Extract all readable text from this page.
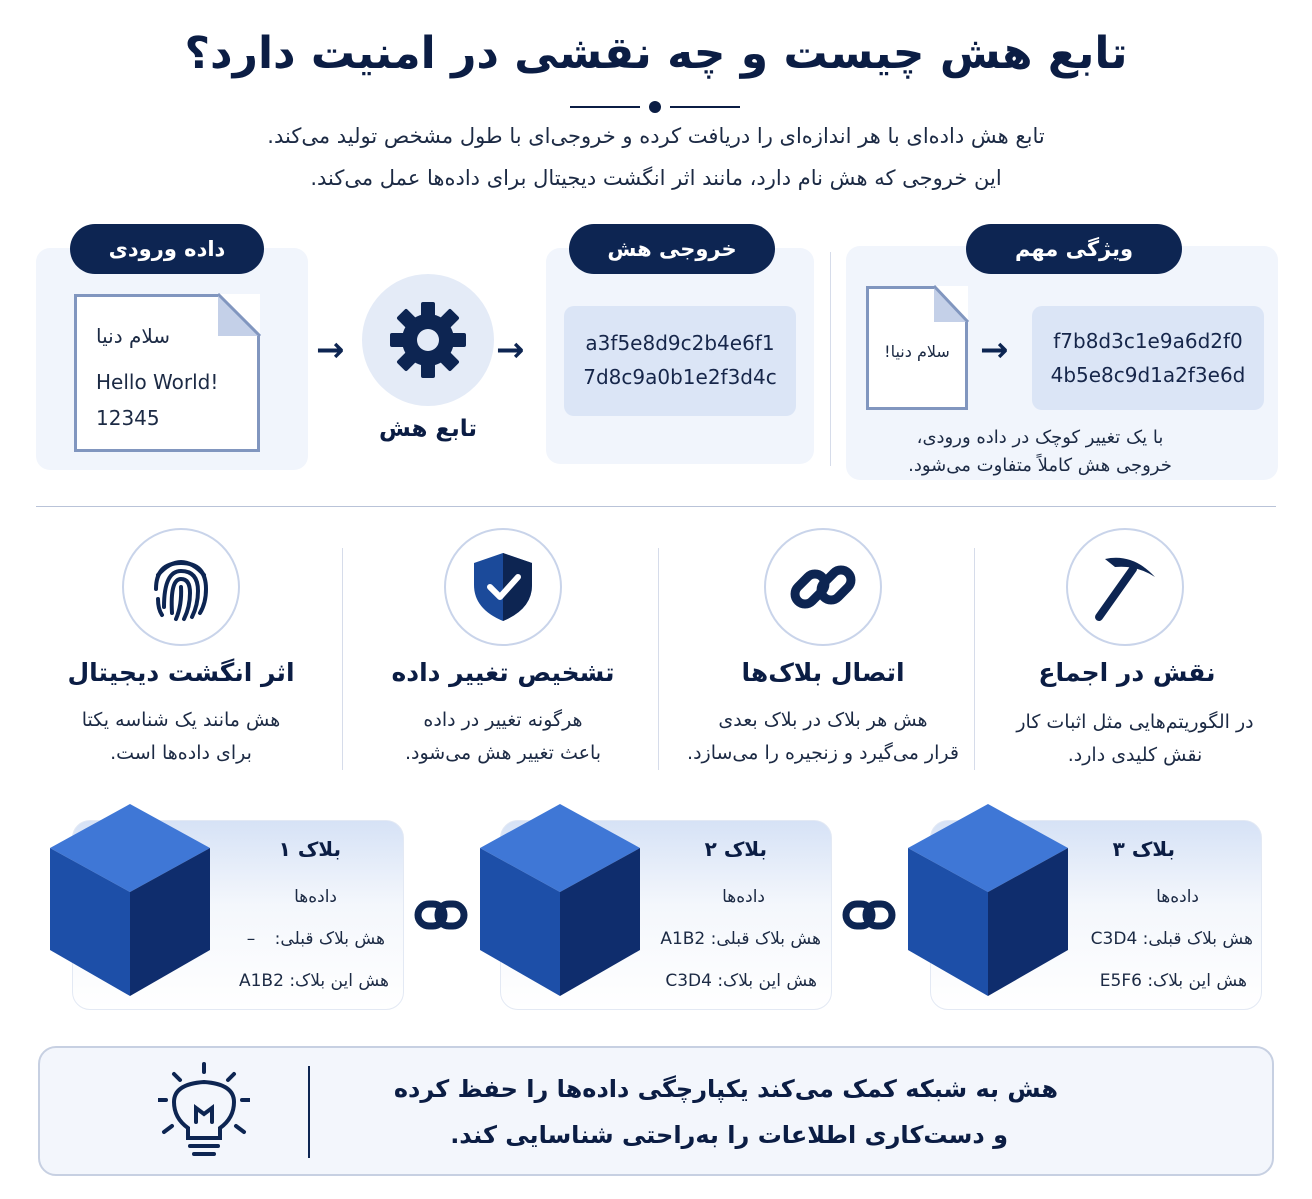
تابع هش چیست و چه نقشی در امنیت دارد؟
تابع هش داده‌ای با هر اندازه‌ای را دریافت کرده و خروجی‌ای با طول مشخص تولید می‌کند.
این خروجی که هش نام دارد، مانند اثر انگشت دیجیتال برای داده‌ها عمل می‌کند.
داده ورودی
سلام دنیا
Hello World!
12345
→
تابع هش
→
خروجی هش
a3f5e8d9c2b4e6f1
7d8c9a0b1e2f3d4c
ویژگی مهم
سلام دنیا! →	f7b8d3c1e9a6d2f0
4b5e8c9d1a2f3e6d
با یک تغییر کوچک در داده ورودی،
خروجی هش کاملاً متفاوت می‌شود.
نقش در اجماع
در الگوریتم‌هایی مثل اثبات کار
نقش کلیدی دارد.
اتصال بلاک‌ها
هش هر بلاک در بلاک بعدی
قرار می‌گیرد و زنجیره را می‌سازد.
تشخیص تغییر داده
هرگونه تغییر در داده
باعث تغییر هش می‌شود.
اثر انگشت دیجیتال
هش مانند یک شناسه یکتا
برای داده‌ها است.
بلاک ۳
داده‌ها
هش بلاک قبلی: C3D4
هش این بلاک: E5F6
بلاک ۲
داده‌ها
هش بلاک قبلی: A1B2
هش این بلاک: C3D4
بلاک ۱
داده‌ها
هش بلاک قبلی: –
هش این بلاک: A1B2
هش به شبکه کمک می‌کند یکپارچگی داده‌ها را حفظ کرده
و دست‌کاری اطلاعات را به‌راحتی شناسایی کند.
